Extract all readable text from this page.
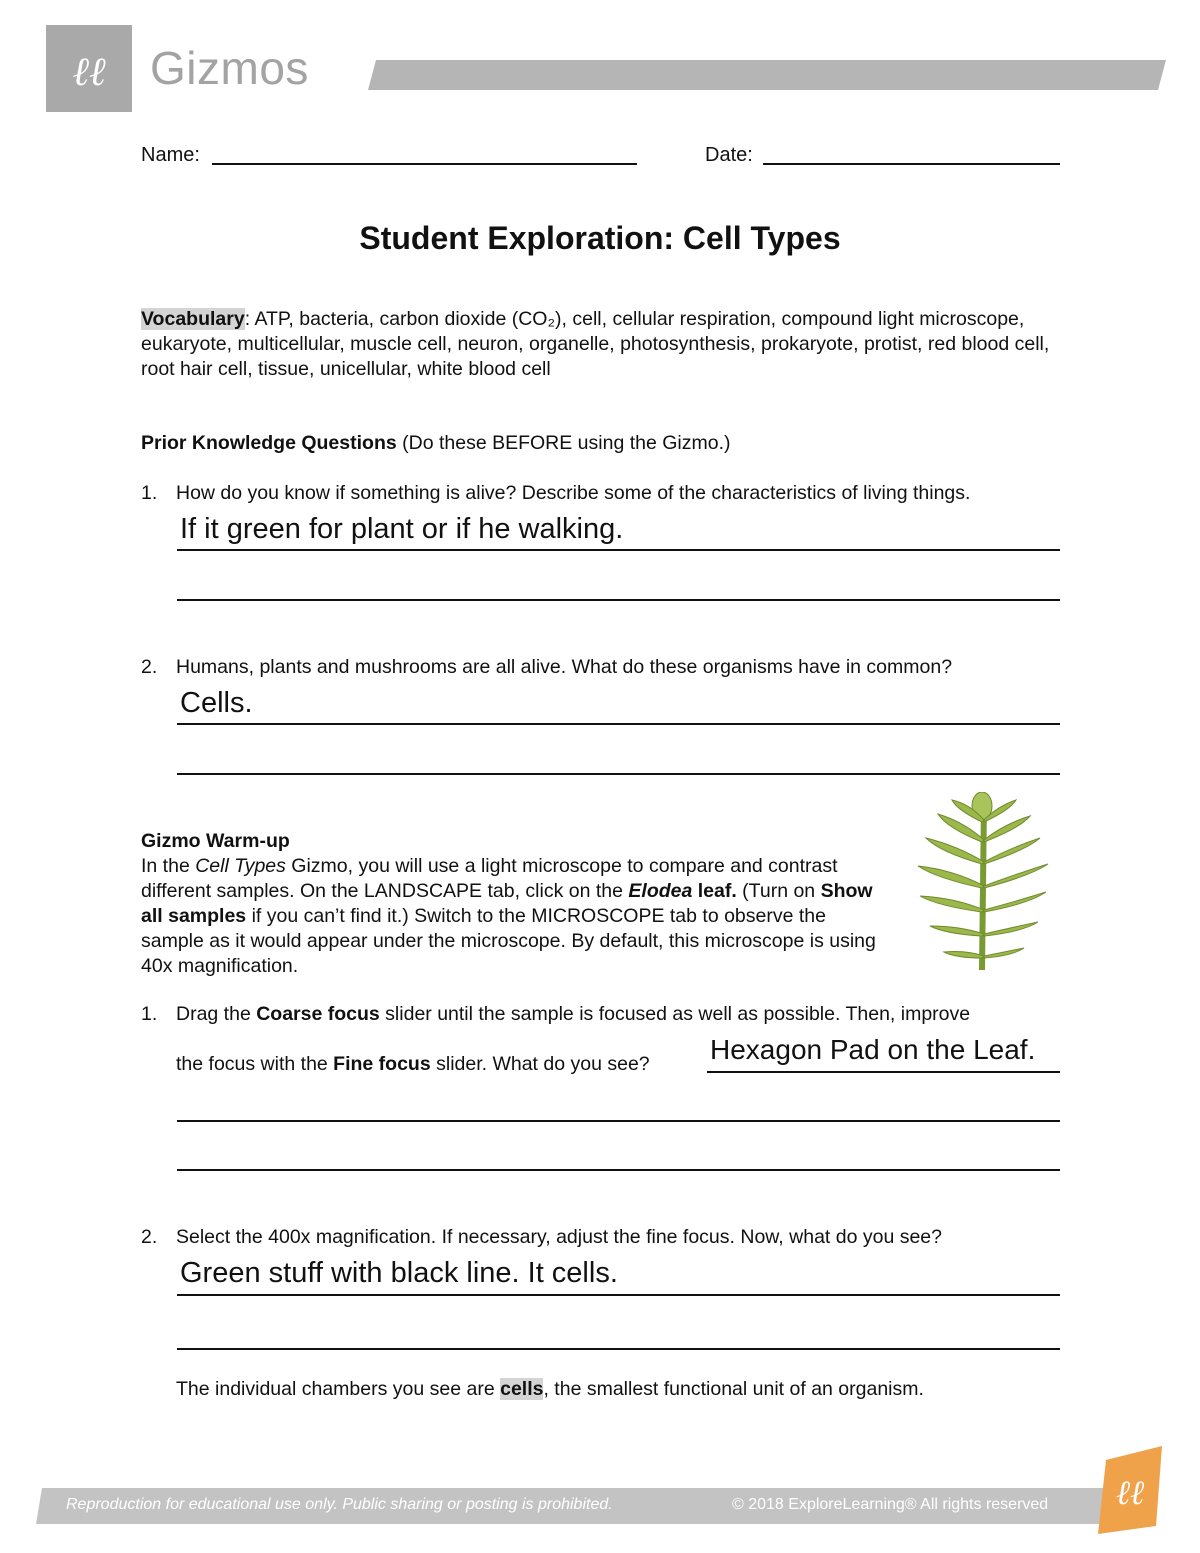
ℓℓ Gizmos
Name:	Date:
Student Exploration: Cell Types
Vocabulary: ATP, bacteria, carbon dioxide (CO₂), cell, cellular respiration, compound light microscope, eukaryote, multicellular, muscle cell, neuron, organelle, photosynthesis, prokaryote, protist, red blood cell, root hair cell, tissue, unicellular, white blood cell
Prior Knowledge Questions (Do these BEFORE using the Gizmo.)
1. How do you know if something is alive? Describe some of the characteristics of living things.
If it green for plant or if he walking.
2. Humans, plants and mushrooms are all alive. What do these organisms have in common?
Cells.
Gizmo Warm-up
In the Cell Types Gizmo, you will use a light microscope to compare and contrast different samples. On the LANDSCAPE tab, click on the Elodea leaf. (Turn on Show all samples if you can’t find it.) Switch to the MICROSCOPE tab to observe the sample as it would appear under the microscope. By default, this microscope is using 40x magnification.
1. Drag the Coarse focus slider until the sample is focused as well as possible. Then, improve
the focus with the Fine focus slider. What do you see? Hexagon Pad on the Leaf.
2. Select the 400x magnification. If necessary, adjust the fine focus. Now, what do you see?
Green stuff with black line. It cells.
The individual chambers you see are cells, the smallest functional unit of an organism.
Reproduction for educational use only. Public sharing or posting is prohibited.	© 2018 ExploreLearning® All rights reserved ℓℓ
